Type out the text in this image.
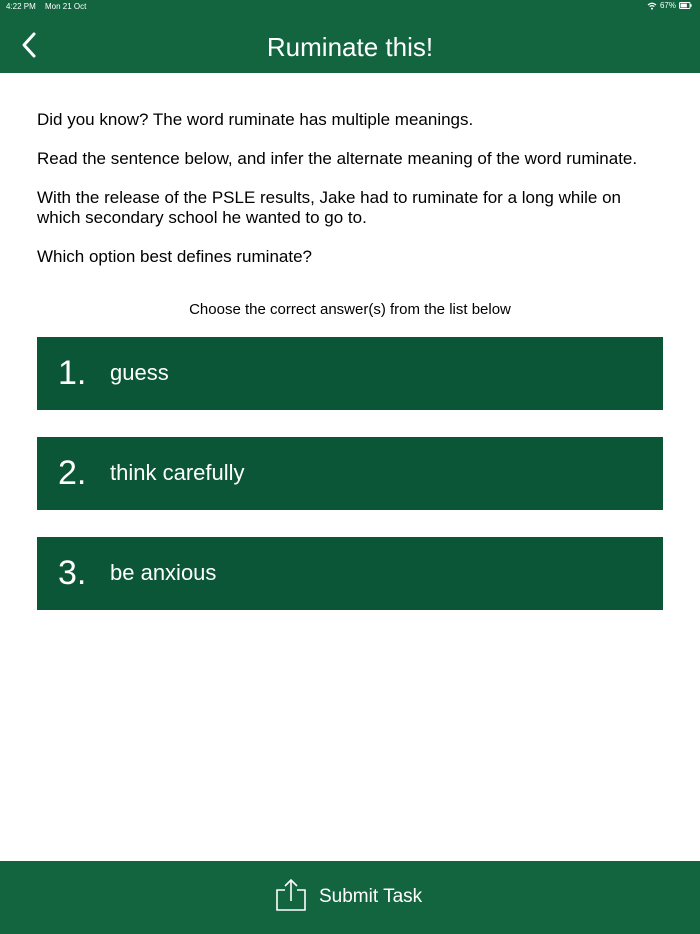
4:22 PM Mon 21 Oct	67%
Ruminate this!

Did you know? The word ruminate has multiple meanings.

Read the sentence below, and infer the alternate meaning of the word ruminate.

With the release of the PSLE results, Jake had to ruminate for a long while on which secondary school he wanted to go to.

Which option best defines ruminate?

Choose the correct answer(s) from the list below
1. guess
2. think carefully
3. be anxious
Submit Task
